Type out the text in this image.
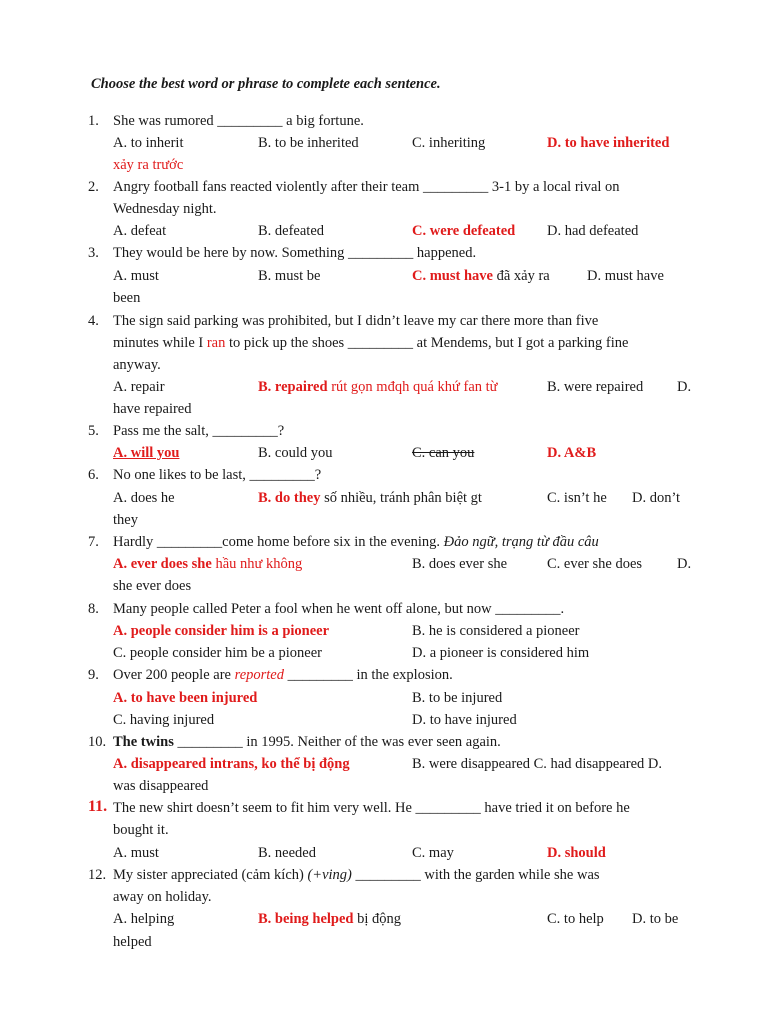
Choose the best word or phrase to complete each sentence.
1. She was rumored _________ a big fortune.
A. to inherit	B. to be inherited	C. inheriting	D. to have inherited
xảy ra trước
2. Angry football fans reacted violently after their team _________ 3-1 by a local rival on
Wednesday night.
A. defeat	B. defeated	C. were defeated D. had defeated
3. They would be here by now. Something _________ happened.
A. must	B. must be	C. must have đã xảy ra	D. must have
been
4. The sign said parking was prohibited, but I didn’t leave my car there more than five
minutes while I ran to pick up the shoes _________ at Mendems, but I got a parking fine
anyway.
A. repair	B. repaired rút gọn mđqh quá khứ fan từ	B. were repaired D.
have repaired
5. Pass me the salt, _________?
A. will you	B. could you	C. can you	D. A&B
6. No one likes to be last, _________?
A. does he	B. do they số nhiều, tránh phân biệt gt	C. isn’t he D. don’t
they
7. Hardly _________come home before six in the evening. Đảo ngữ, trạng từ đầu câu
A. ever does she hầu như không	B. does ever she	C. ever she does D.
she ever does
8. Many people called Peter a fool when he went off alone, but now _________.
A. people consider him is a pioneer	B. he is considered a pioneer
C. people consider him be a pioneer	D. a pioneer is considered him
9. Over 200 people are reported _________ in the explosion.
A. to have been injured	B. to be injured
C. having injured	D. to have injured
10. The twins _________ in 1995. Neither of the was ever seen again.
A. disappeared intrans, ko thể bị động	B. were disappeared C. had disappeared D.
was disappeared
11. The new shirt doesn’t seem to fit him very well. He _________ have tried it on before he
bought it.
A. must	B. needed	C. may	D. should
12. My sister appreciated (cảm kích) (+ving) _________ with the garden while she was
away on holiday.
A. helping	B. being helped bị động	C. to help D. to be
helped
